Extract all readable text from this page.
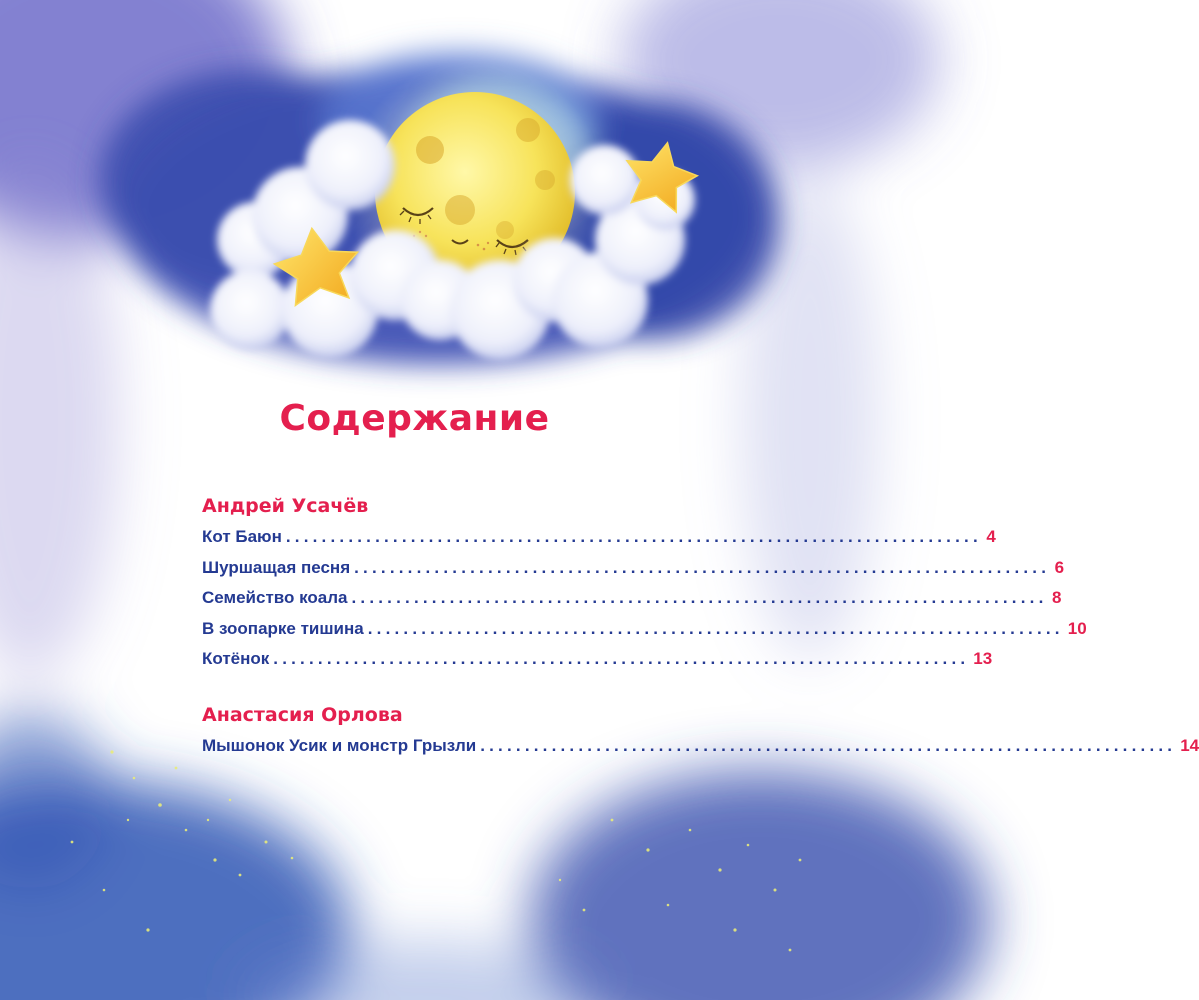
Содержание
Андрей Усачёв
Кот Баюн .............................................................................. 4
Шуршащая песня .............................................................................. 6
Семейство коала .............................................................................. 8
В зоопарке тишина .............................................................................. 10
Котёнок .............................................................................. 13
Анастасия Орлова
Мышонок Усик и монстр Грызли .............................................................................. 14
